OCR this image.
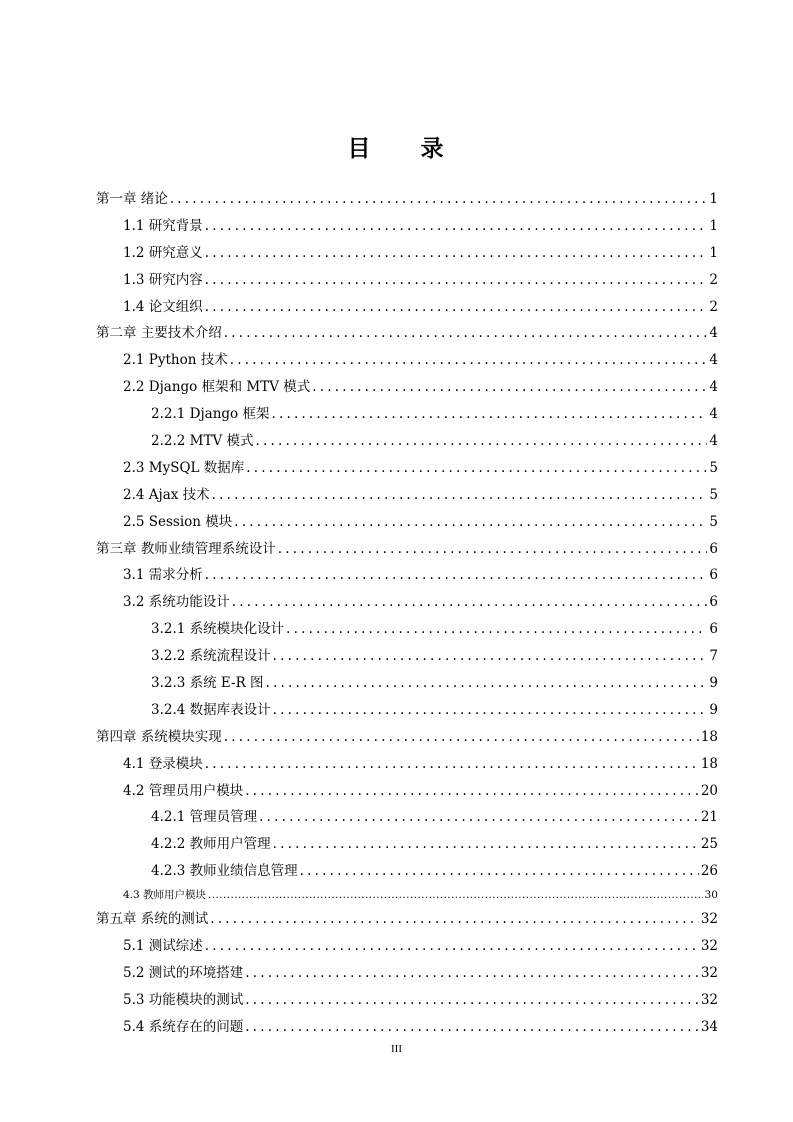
目 录
第一章 绪论 .....	1
1.1 研究背景 .....	1
1.2 研究意义 .....	1
1.3 研究内容 .....	2
1.4 论文组织 .....	2
第二章 主要技术介绍 .....	4
2.1 Python 技术 .....	4
2.2 Django 框架和 MTV 模式 .....	4
2.2.1 Django 框架 .....	4
2.2.2 MTV 模式 .....	4
2.3 MySQL 数据库 .....	5
2.4 Ajax 技术 .....	5
2.5 Session 模块 .....	5
第三章 教师业绩管理系统设计 .....	6
3.1 需求分析 .....	6
3.2 系统功能设计 .....	6
3.2.1 系统模块化设计 .....	6
3.2.2 系统流程设计 .....	7
3.2.3 系统 E-R 图 .....	9
3.2.4 数据库表设计 .....	9
第四章 系统模块实现 .....	18
4.1 登录模块 .....	18
4.2 管理员用户模块 .....	20
4.2.1 管理员管理 .....	21
4.2.2 教师用户管理 .....	25
4.2.3 教师业绩信息管理 .....	26
4.3 教师用户模块 .....	30
第五章 系统的测试 .....	32
5.1 测试综述 .....	32
5.2 测试的环境搭建 .....	32
5.3 功能模块的测试 .....	32
5.4 系统存在的问题 .....	34
III
